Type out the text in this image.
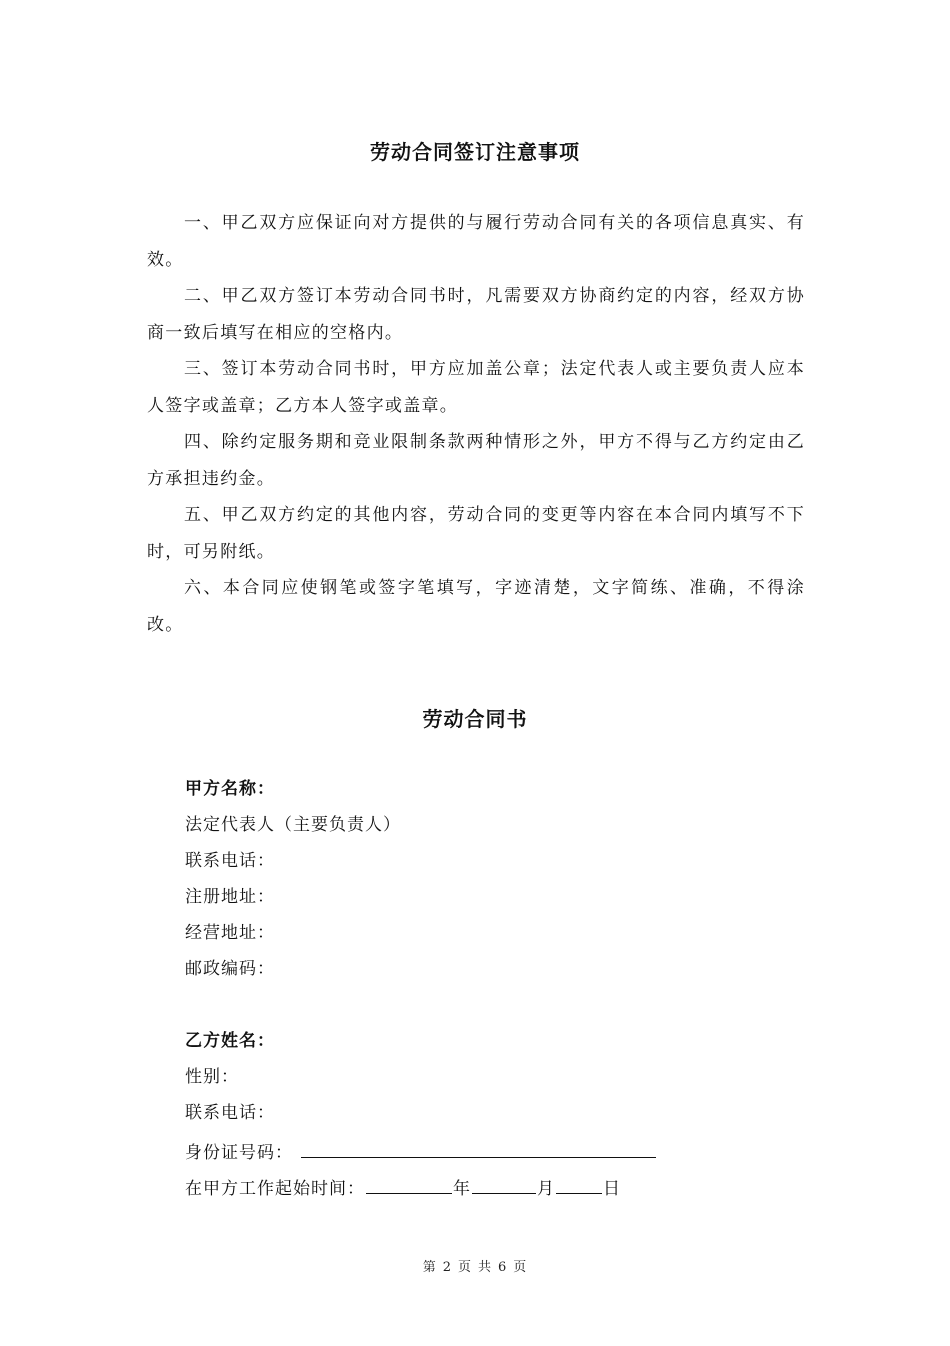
劳动合同签订注意事项
一、甲乙双方应保证向对方提供的与履行劳动合同有关的各项信息真实、有效。
二、甲乙双方签订本劳动合同书时，凡需要双方协商约定的内容，经双方协商一致后填写在相应的空格内。
三、签订本劳动合同书时，甲方应加盖公章；法定代表人或主要负责人应本人签字或盖章；乙方本人签字或盖章。
四、除约定服务期和竞业限制条款两种情形之外，甲方不得与乙方约定由乙方承担违约金。
五、甲乙双方约定的其他内容，劳动合同的变更等内容在本合同内填写不下时，可另附纸。
六、本合同应使钢笔或签字笔填写，字迹清楚，文字简练、准确，不得涂改。
劳动合同书
甲方名称：
法定代表人（主要负责人）
联系电话：
注册地址：
经营地址：
邮政编码：
乙方姓名：
性别：
联系电话：
身份证号码：
在甲方工作起始时间：	年	月	日
第 2 页 共 6 页
